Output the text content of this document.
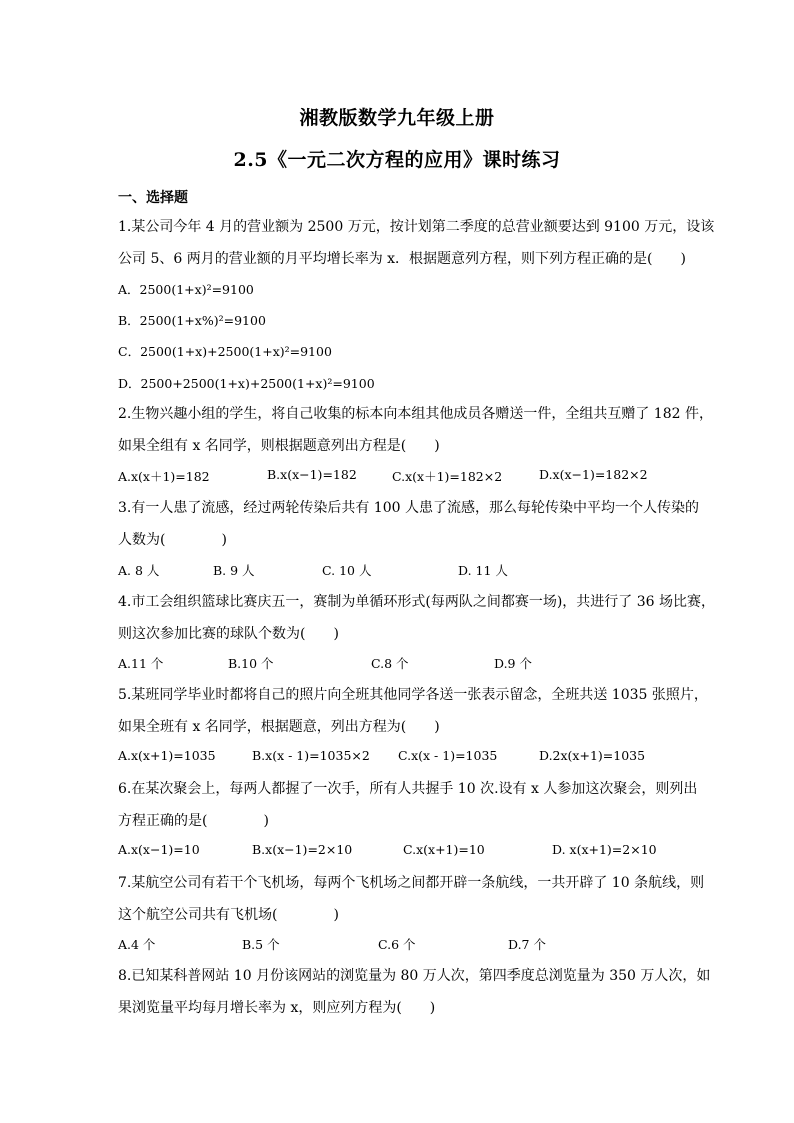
湘教版数学九年级上册
2.5《一元二次方程的应用》课时练习
一、选择题
1.某公司今年 4 月的营业额为 2500 万元，按计划第二季度的总营业额要达到 9100 万元，设该
公司 5、6 两月的营业额的月平均增长率为 x．根据题意列方程，则下列方程正确的是(　　)
A．2500(1+x)²=9100
B．2500(1+x%)²=9100
C．2500(1+x)+2500(1+x)²=9100
D．2500+2500(1+x)+2500(1+x)²=9100
2.生物兴趣小组的学生，将自己收集的标本向本组其他成员各赠送一件，全组共互赠了 182 件，
如果全组有 x 名同学，则根据题意列出方程是(　　)
A.x(x＋1)=182	B.x(x−1)=182	C.x(x＋1)=182×2	D.x(x−1)=182×2
3.有一人患了流感，经过两轮传染后共有 100 人患了流感，那么每轮传染中平均一个人传染的
人数为(　　　　)
A. 8 人	B. 9 人	C. 10 人	D. 11 人
4.市工会组织篮球比赛庆五一，赛制为单循环形式(每两队之间都赛一场)，共进行了 36 场比赛，
则这次参加比赛的球队个数为(　　)
A.11 个	B.10 个	C.8 个	D.9 个
5.某班同学毕业时都将自己的照片向全班其他同学各送一张表示留念，全班共送 1035 张照片，
如果全班有 x 名同学，根据题意，列出方程为(　　)
A.x(x+1)=1035	B.x(x - 1)=1035×2 C.x(x - 1)=1035	D.2x(x+1)=1035
6.在某次聚会上，每两人都握了一次手，所有人共握手 10 次.设有 x 人参加这次聚会，则列出
方程正确的是(　　　　)
A.x(x−1)=10	B.x(x−1)=2×10	C.x(x+1)=10	D. x(x+1)=2×10
7.某航空公司有若干个飞机场，每两个飞机场之间都开辟一条航线，一共开辟了 10 条航线，则
这个航空公司共有飞机场(　　　　)
A.4 个	B.5 个	C.6 个	D.7 个
8.已知某科普网站 10 月份该网站的浏览量为 80 万人次，第四季度总浏览量为 350 万人次，如
果浏览量平均每月增长率为 x，则应列方程为(　　)
